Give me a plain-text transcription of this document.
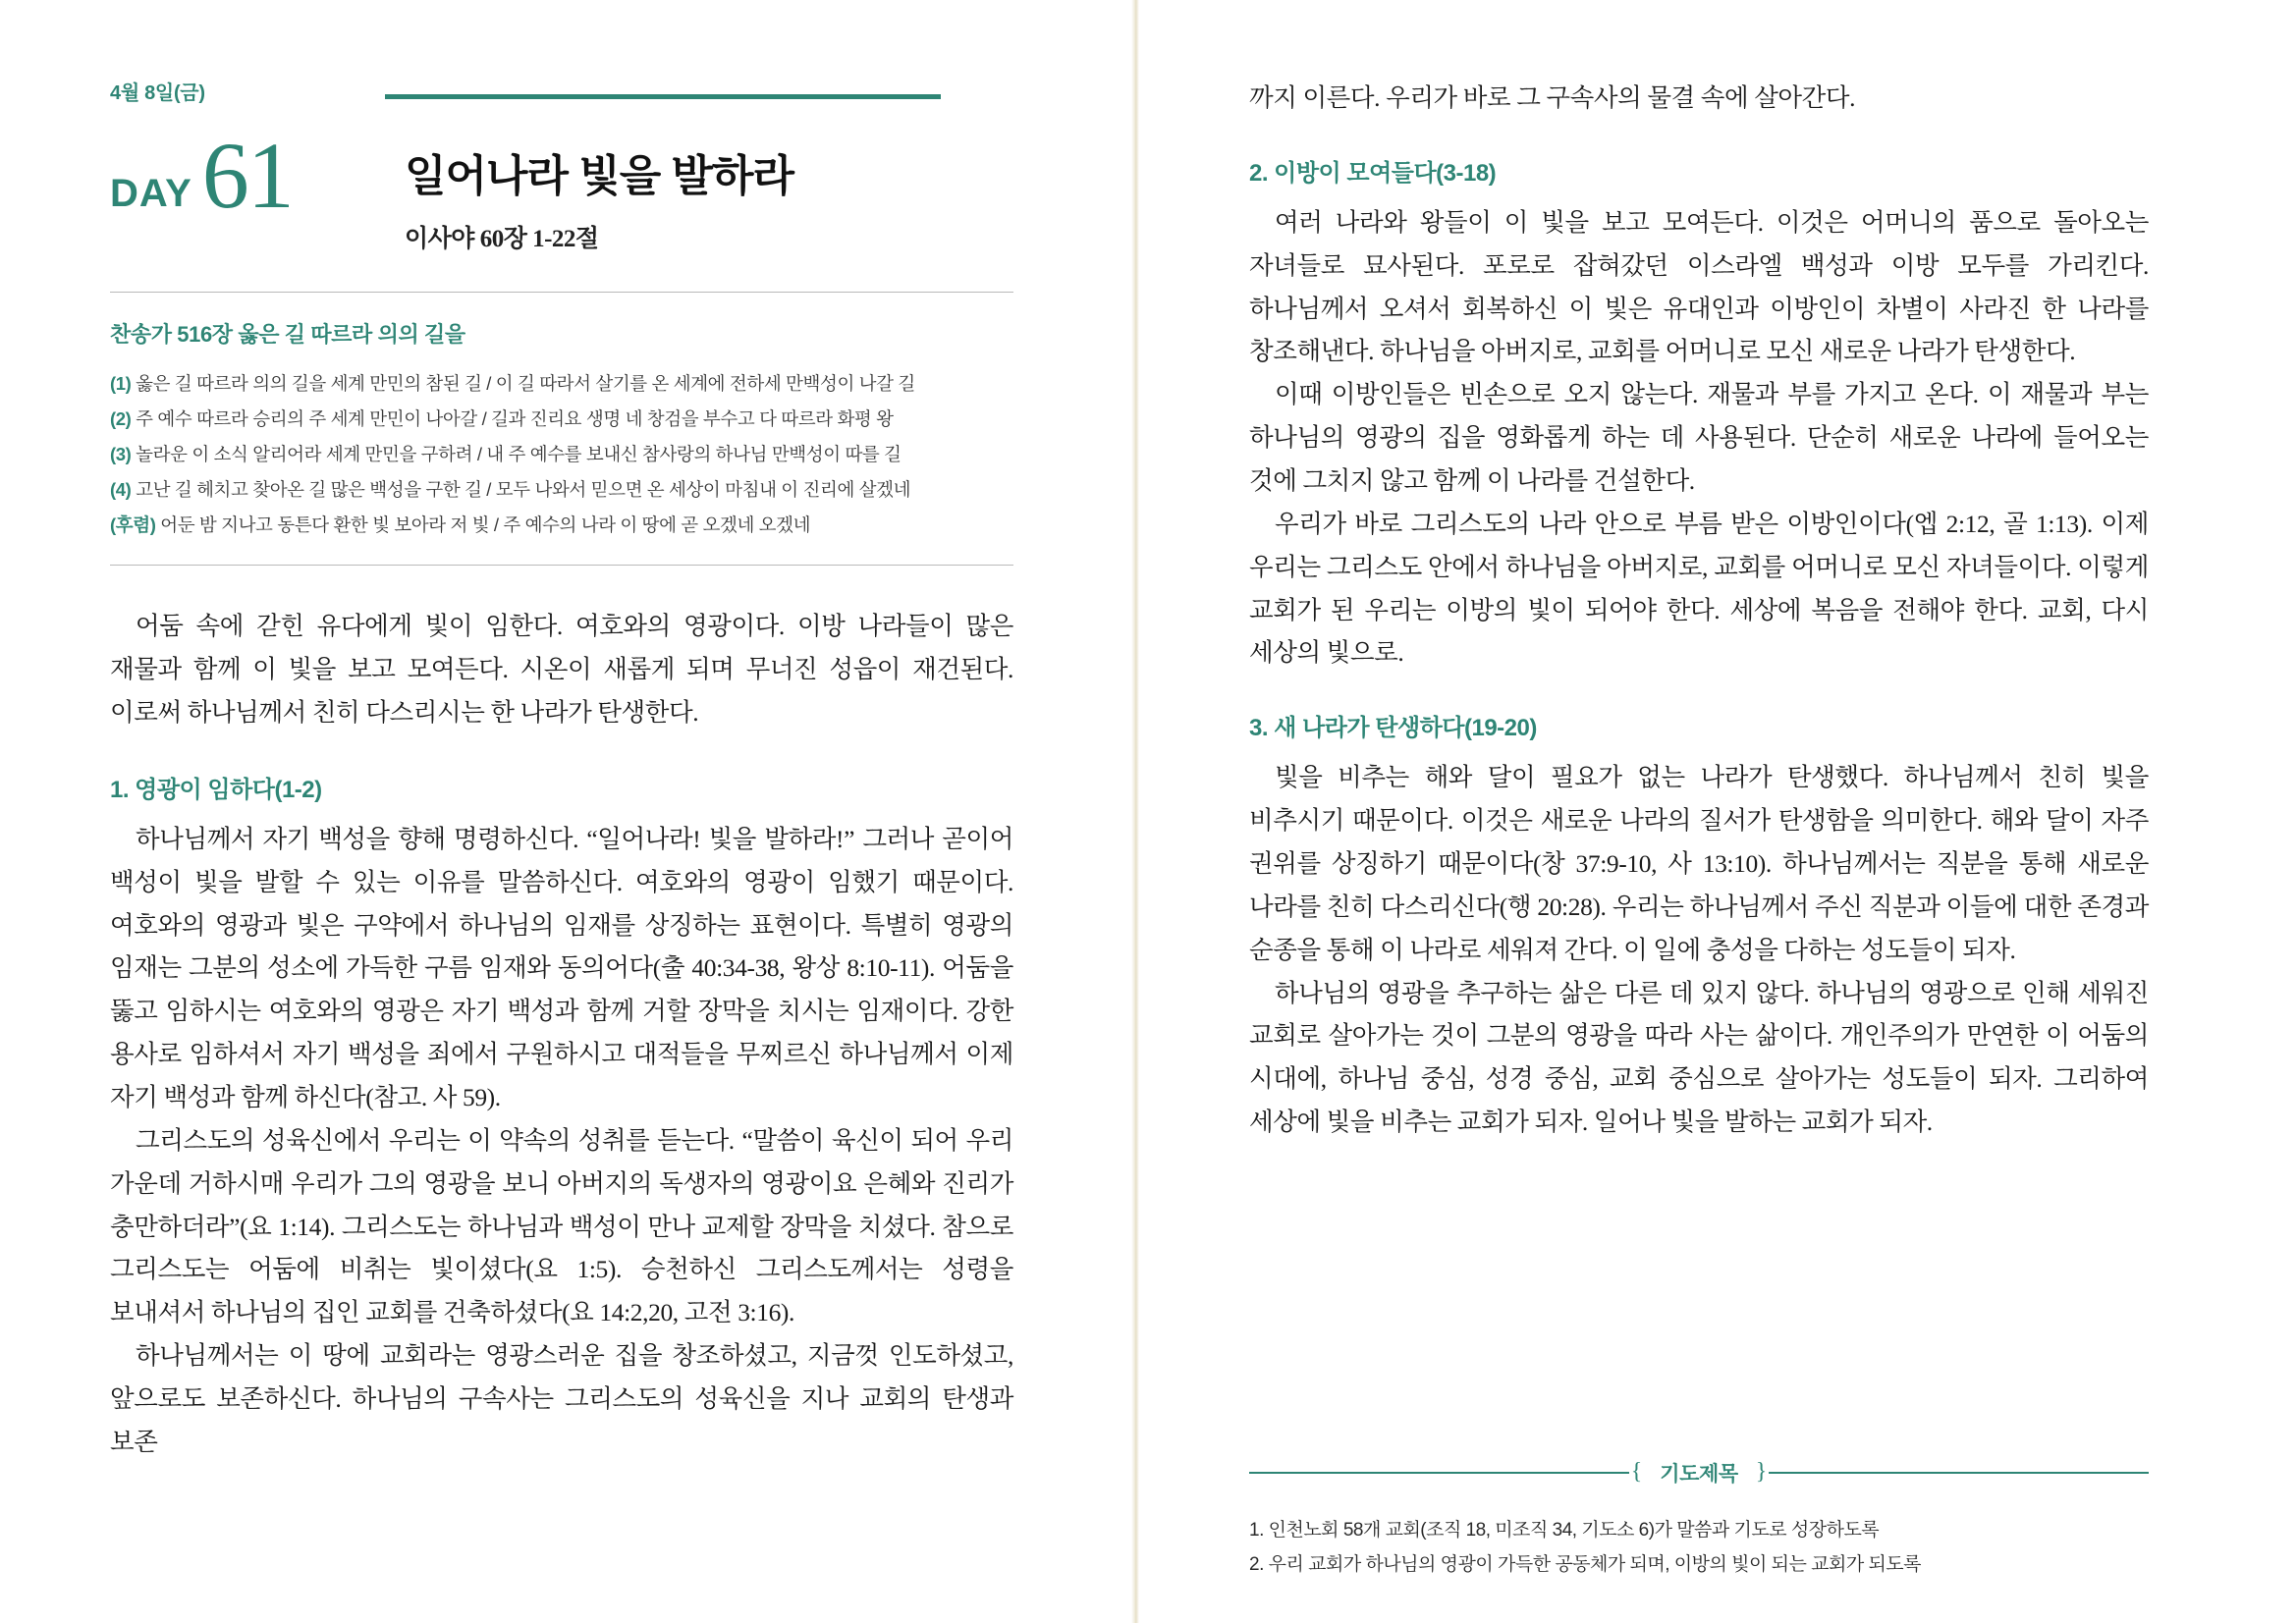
4월 8일(금)
DAY 61	일어나라 빛을 발하라
이사야 60장 1-22절
찬송가 516장 옳은 길 따르라 의의 길을
(1) 옳은 길 따르라 의의 길을 세계 만민의 참된 길 / 이 길 따라서 살기를 온 세계에 전하세 만백성이 나갈 길
(2) 주 예수 따르라 승리의 주 세계 만민이 나아갈 / 길과 진리요 생명 네 창검을 부수고 다 따르라 화평 왕
(3) 놀라운 이 소식 알리어라 세계 만민을 구하려 / 내 주 예수를 보내신 참사랑의 하나님 만백성이 따를 길
(4) 고난 길 헤치고 찾아온 길 많은 백성을 구한 길 / 모두 나와서 믿으면 온 세상이 마침내 이 진리에 살겠네
(후렴) 어둔 밤 지나고 동튼다 환한 빛 보아라 저 빛 / 주 예수의 나라 이 땅에 곧 오겠네 오겠네

어둠 속에 갇힌 유다에게 빛이 임한다. 여호와의 영광이다. 이방 나라들이 많은 재물과 함께 이 빛을 보고 모여든다. 시온이 새롭게 되며 무너진 성읍이 재건된다. 이로써 하나님께서 친히 다스리시는 한 나라가 탄생한다.

1. 영광이 임하다(1-2)

하나님께서 자기 백성을 향해 명령하신다. “일어나라! 빛을 발하라!” 그러나 곧이어 백성이 빛을 발할 수 있는 이유를 말씀하신다. 여호와의 영광이 임했기 때문이다. 여호와의 영광과 빛은 구약에서 하나님의 임재를 상징하는 표현이다. 특별히 영광의 임재는 그분의 성소에 가득한 구름 임재와 동의어다(출 40:34-38, 왕상 8:10-11). 어둠을 뚫고 임하시는 여호와의 영광은 자기 백성과 함께 거할 장막을 치시는 임재이다. 강한 용사로 임하셔서 자기 백성을 죄에서 구원하시고 대적들을 무찌르신 하나님께서 이제 자기 백성과 함께 하신다(참고. 사 59).

그리스도의 성육신에서 우리는 이 약속의 성취를 듣는다. “말씀이 육신이 되어 우리 가운데 거하시매 우리가 그의 영광을 보니 아버지의 독생자의 영광이요 은혜와 진리가 충만하더라”(요 1:14). 그리스도는 하나님과 백성이 만나 교제할 장막을 치셨다. 참으로 그리스도는 어둠에 비취는 빛이셨다(요 1:5). 승천하신 그리스도께서는 성령을 보내셔서 하나님의 집인 교회를 건축하셨다(요 14:2,20, 고전 3:16).

하나님께서는 이 땅에 교회라는 영광스러운 집을 창조하셨고, 지금껏 인도하셨고, 앞으로도 보존하신다. 하나님의 구속사는 그리스도의 성육신을 지나 교회의 탄생과 보존

까지 이른다. 우리가 바로 그 구속사의 물결 속에 살아간다.

2. 이방이 모여들다(3-18)

여러 나라와 왕들이 이 빛을 보고 모여든다. 이것은 어머니의 품으로 돌아오는 자녀들로 묘사된다. 포로로 잡혀갔던 이스라엘 백성과 이방 모두를 가리킨다. 하나님께서 오셔서 회복하신 이 빛은 유대인과 이방인이 차별이 사라진 한 나라를 창조해낸다. 하나님을 아버지로, 교회를 어머니로 모신 새로운 나라가 탄생한다.

이때 이방인들은 빈손으로 오지 않는다. 재물과 부를 가지고 온다. 이 재물과 부는 하나님의 영광의 집을 영화롭게 하는 데 사용된다. 단순히 새로운 나라에 들어오는 것에 그치지 않고 함께 이 나라를 건설한다.

우리가 바로 그리스도의 나라 안으로 부름 받은 이방인이다(엡 2:12, 골 1:13). 이제 우리는 그리스도 안에서 하나님을 아버지로, 교회를 어머니로 모신 자녀들이다. 이렇게 교회가 된 우리는 이방의 빛이 되어야 한다. 세상에 복음을 전해야 한다. 교회, 다시 세상의 빛으로.

3. 새 나라가 탄생하다(19-20)

빛을 비추는 해와 달이 필요가 없는 나라가 탄생했다. 하나님께서 친히 빛을 비추시기 때문이다. 이것은 새로운 나라의 질서가 탄생함을 의미한다. 해와 달이 자주 권위를 상징하기 때문이다(창 37:9-10, 사 13:10). 하나님께서는 직분을 통해 새로운 나라를 친히 다스리신다(행 20:28). 우리는 하나님께서 주신 직분과 이들에 대한 존경과 순종을 통해 이 나라로 세워져 간다. 이 일에 충성을 다하는 성도들이 되자.

하나님의 영광을 추구하는 삶은 다른 데 있지 않다. 하나님의 영광으로 인해 세워진 교회로 살아가는 것이 그분의 영광을 따라 사는 삶이다. 개인주의가 만연한 이 어둠의 시대에, 하나님 중심, 성경 중심, 교회 중심으로 살아가는 성도들이 되자. 그리하여 세상에 빛을 비추는 교회가 되자. 일어나 빛을 발하는 교회가 되자.

{ 기도제목 }
1. 인천노회 58개 교회(조직 18, 미조직 34, 기도소 6)가 말씀과 기도로 성장하도록
2. 우리 교회가 하나님의 영광이 가득한 공동체가 되며, 이방의 빛이 되는 교회가 되도록
